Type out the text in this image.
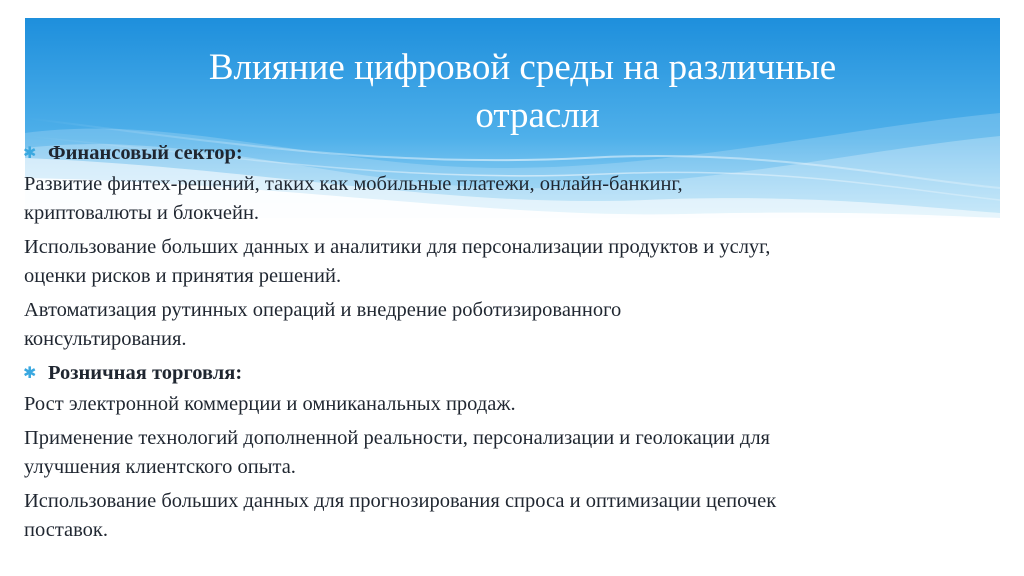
Влияние цифровой среды на различные
отрасли
✱ Финансовый сектор:
Развитие финтех-решений, таких как мобильные платежи, онлайн-банкинг,
криптовалюты и блокчейн.
Использование больших данных и аналитики для персонализации продуктов и услуг,
оценки рисков и принятия решений.
Автоматизация рутинных операций и внедрение роботизированного
консультирования.
✱ Розничная торговля:
Рост электронной коммерции и омниканальных продаж.
Применение технологий дополненной реальности, персонализации и геолокации для
улучшения клиентского опыта.
Использование больших данных для прогнозирования спроса и оптимизации цепочек
поставок.
